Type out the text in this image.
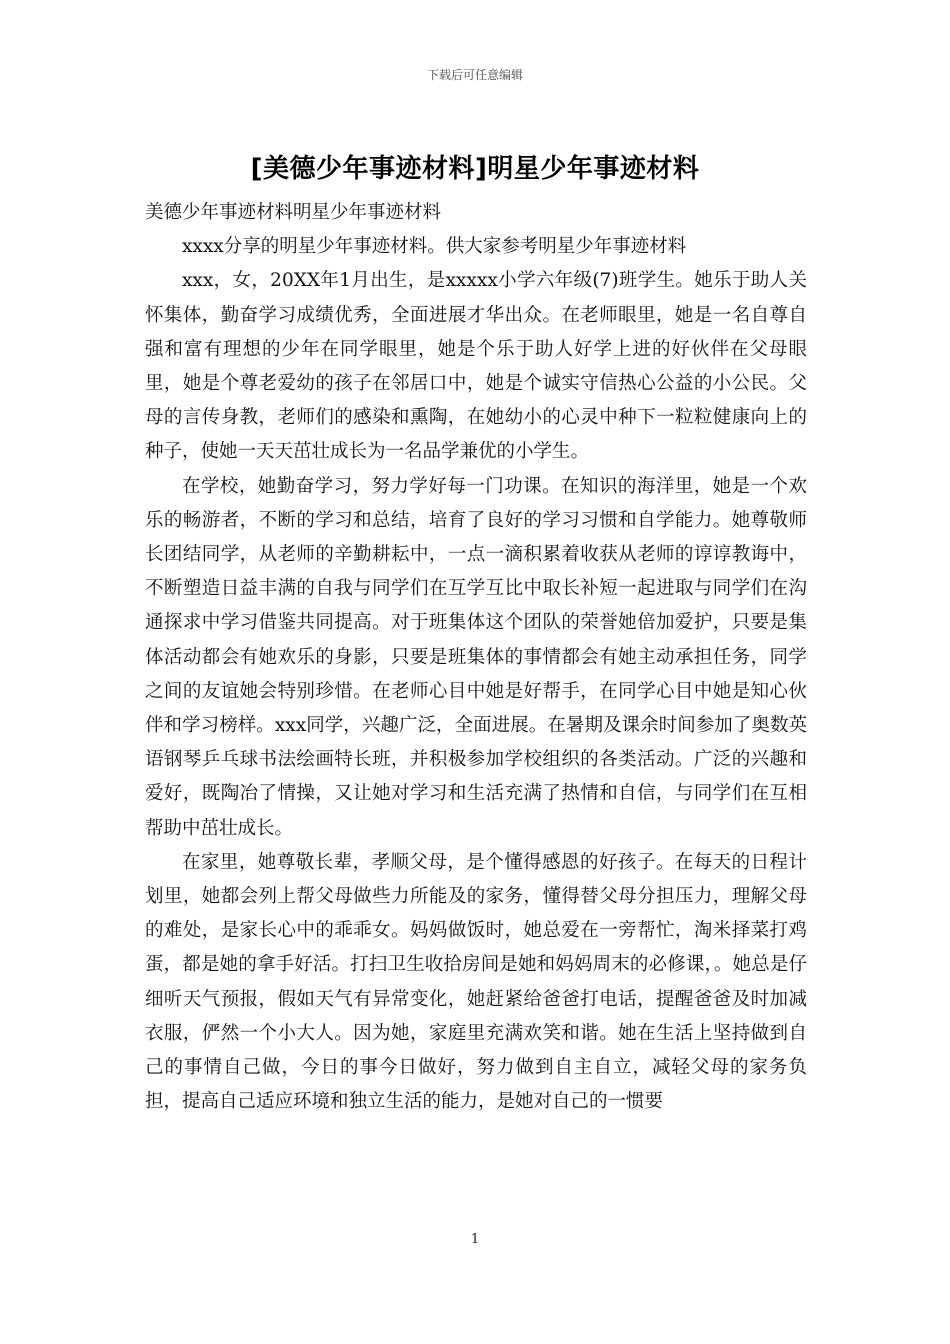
下载后可任意编辑
[美德少年事迹材料]明星少年事迹材料

美德少年事迹材料明星少年事迹材料

xxxx分享的明星少年事迹材料。供大家参考明星少年事迹材料

xxx，女，20XX年1月出生，是xxxxx小学六年级(7)班学生。她乐于助人关怀集体，勤奋学习成绩优秀，全面进展才华出众。在老师眼里，她是一名自尊自强和富有理想的少年在同学眼里，她是个乐于助人好学上进的好伙伴在父母眼里，她是个尊老爱幼的孩子在邻居口中，她是个诚实守信热心公益的小公民。父母的言传身教，老师们的感染和熏陶，在她幼小的心灵中种下一粒粒健康向上的种子，使她一天天茁壮成长为一名品学兼优的小学生。

在学校，她勤奋学习，努力学好每一门功课。在知识的海洋里，她是一个欢乐的畅游者，不断的学习和总结，培育了良好的学习习惯和自学能力。她尊敬师长团结同学，从老师的辛勤耕耘中，一点一滴积累着收获从老师的谆谆教诲中，不断塑造日益丰满的自我与同学们在互学互比中取长补短一起进取与同学们在沟通探求中学习借鉴共同提高。对于班集体这个团队的荣誉她倍加爱护，只要是集体活动都会有她欢乐的身影，只要是班集体的事情都会有她主动承担任务，同学之间的友谊她会特别珍惜。在老师心目中她是好帮手，在同学心目中她是知心伙伴和学习榜样。xxx同学，兴趣广泛，全面进展。在暑期及课余时间参加了奥数英语钢琴乒乓球书法绘画特长班，并积极参加学校组织的各类活动。广泛的兴趣和爱好，既陶冶了情操，又让她对学习和生活充满了热情和自信，与同学们在互相帮助中茁壮成长。

在家里，她尊敬长辈，孝顺父母，是个懂得感恩的好孩子。在每天的日程计划里，她都会列上帮父母做些力所能及的家务，懂得替父母分担压力，理解父母的难处，是家长心中的乖乖女。妈妈做饭时，她总爱在一旁帮忙，淘米择菜打鸡蛋，都是她的拿手好活。打扫卫生收拾房间是她和妈妈周末的必修课，。她总是仔细听天气预报，假如天气有异常变化，她赶紧给爸爸打电话，提醒爸爸及时加减衣服，俨然一个小大人。因为她，家庭里充满欢笑和谐。她在生活上坚持做到自己的事情自己做，今日的事今日做好，努力做到自主自立，减轻父母的家务负担，提高自己适应环境和独立生活的能力，是她对自己的一惯要

1
